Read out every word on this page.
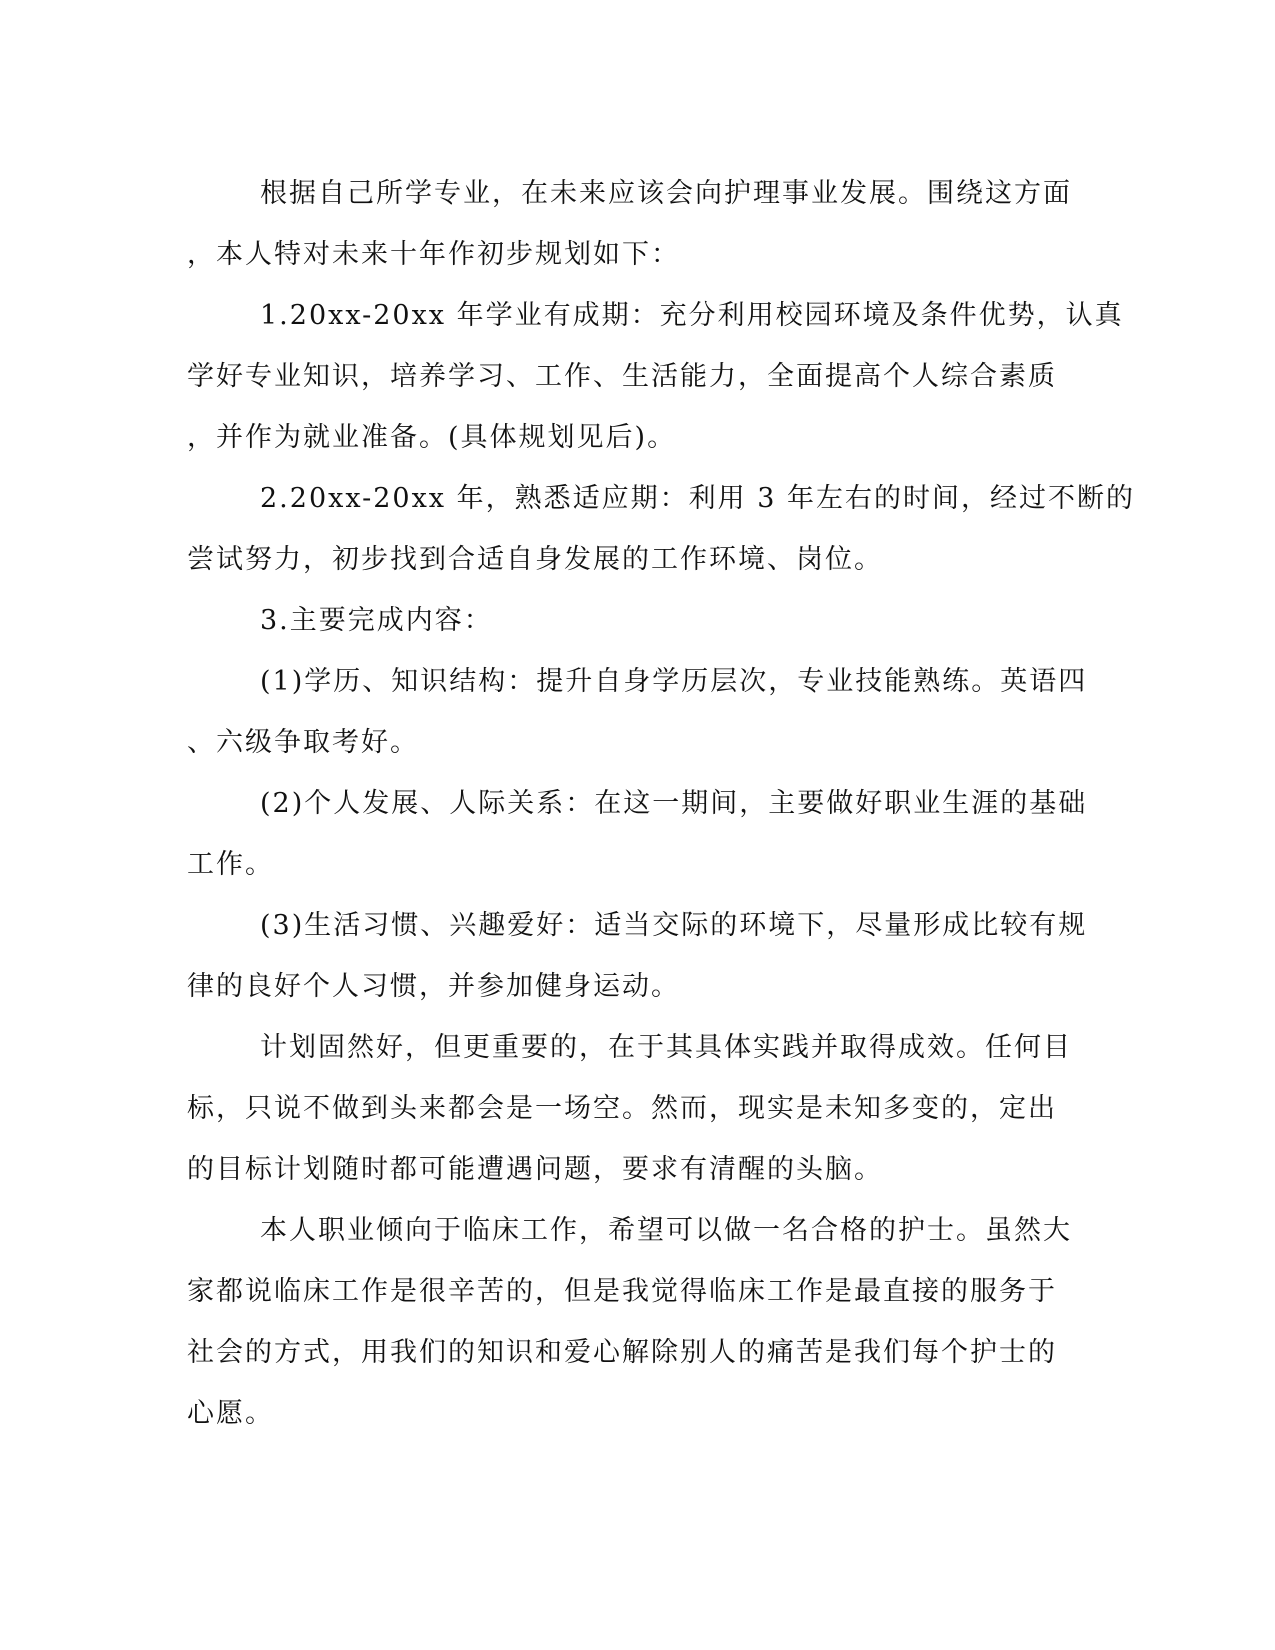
根据自己所学专业，在未来应该会向护理事业发展。围绕这方面
，本人特对未来十年作初步规划如下：
1.20xx-20xx 年学业有成期：充分利用校园环境及条件优势，认真
学好专业知识，培养学习、工作、生活能力，全面提高个人综合素质
，并作为就业准备。(具体规划见后)。
2.20xx-20xx 年，熟悉适应期：利用 3 年左右的时间，经过不断的
尝试努力，初步找到合适自身发展的工作环境、岗位。
3.主要完成内容：
(1)学历、知识结构：提升自身学历层次，专业技能熟练。英语四
、六级争取考好。
(2)个人发展、人际关系：在这一期间，主要做好职业生涯的基础
工作。
(3)生活习惯、兴趣爱好：适当交际的环境下，尽量形成比较有规
律的良好个人习惯，并参加健身运动。
计划固然好，但更重要的，在于其具体实践并取得成效。任何目
标，只说不做到头来都会是一场空。然而，现实是未知多变的，定出
的目标计划随时都可能遭遇问题，要求有清醒的头脑。
本人职业倾向于临床工作，希望可以做一名合格的护士。虽然大
家都说临床工作是很辛苦的，但是我觉得临床工作是最直接的服务于
社会的方式，用我们的知识和爱心解除别人的痛苦是我们每个护士的
心愿。
